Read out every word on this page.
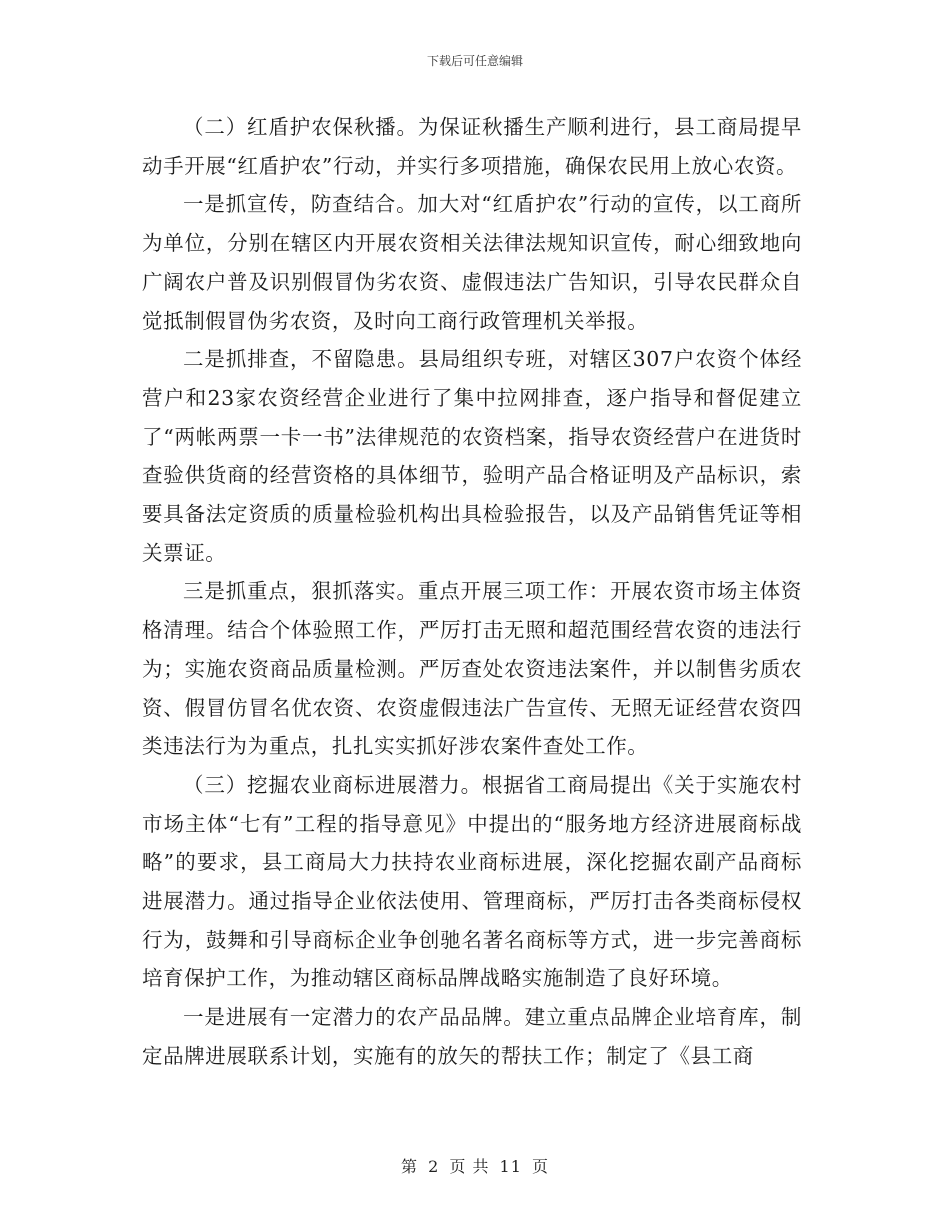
下载后可任意编辑

（二）红盾护农保秋播。为保证秋播生产顺利进行，县工商局提早动手开展“红盾护农”行动，并实行多项措施，确保农民用上放心农资。

一是抓宣传，防查结合。加大对“红盾护农”行动的宣传，以工商所为单位，分别在辖区内开展农资相关法律法规知识宣传，耐心细致地向广阔农户普及识别假冒伪劣农资、虚假违法广告知识，引导农民群众自觉抵制假冒伪劣农资，及时向工商行政管理机关举报。

二是抓排查，不留隐患。县局组织专班，对辖区307户农资个体经营户和23家农资经营企业进行了集中拉网排查，逐户指导和督促建立了“两帐两票一卡一书”法律规范的农资档案，指导农资经营户在进货时查验供货商的经营资格的具体细节，验明产品合格证明及产品标识，索要具备法定资质的质量检验机构出具检验报告，以及产品销售凭证等相关票证。

三是抓重点，狠抓落实。重点开展三项工作：开展农资市场主体资格清理。结合个体验照工作，严厉打击无照和超范围经营农资的违法行为；实施农资商品质量检测。严厉查处农资违法案件，并以制售劣质农资、假冒仿冒名优农资、农资虚假违法广告宣传、无照无证经营农资四类违法行为为重点，扎扎实实抓好涉农案件查处工作。

（三）挖掘农业商标进展潜力。根据省工商局提出《关于实施农村市场主体“七有”工程的指导意见》中提出的“服务地方经济进展商标战略”的要求，县工商局大力扶持农业商标进展，深化挖掘农副产品商标进展潜力。通过指导企业依法使用、管理商标，严厉打击各类商标侵权行为，鼓舞和引导商标企业争创驰名著名商标等方式，进一步完善商标培育保护工作，为推动辖区商标品牌战略实施制造了良好环境。

一是进展有一定潜力的农产品品牌。建立重点品牌企业培育库，制定品牌进展联系计划，实施有的放矢的帮扶工作；制定了《县工商

第 2 页 共 11 页
